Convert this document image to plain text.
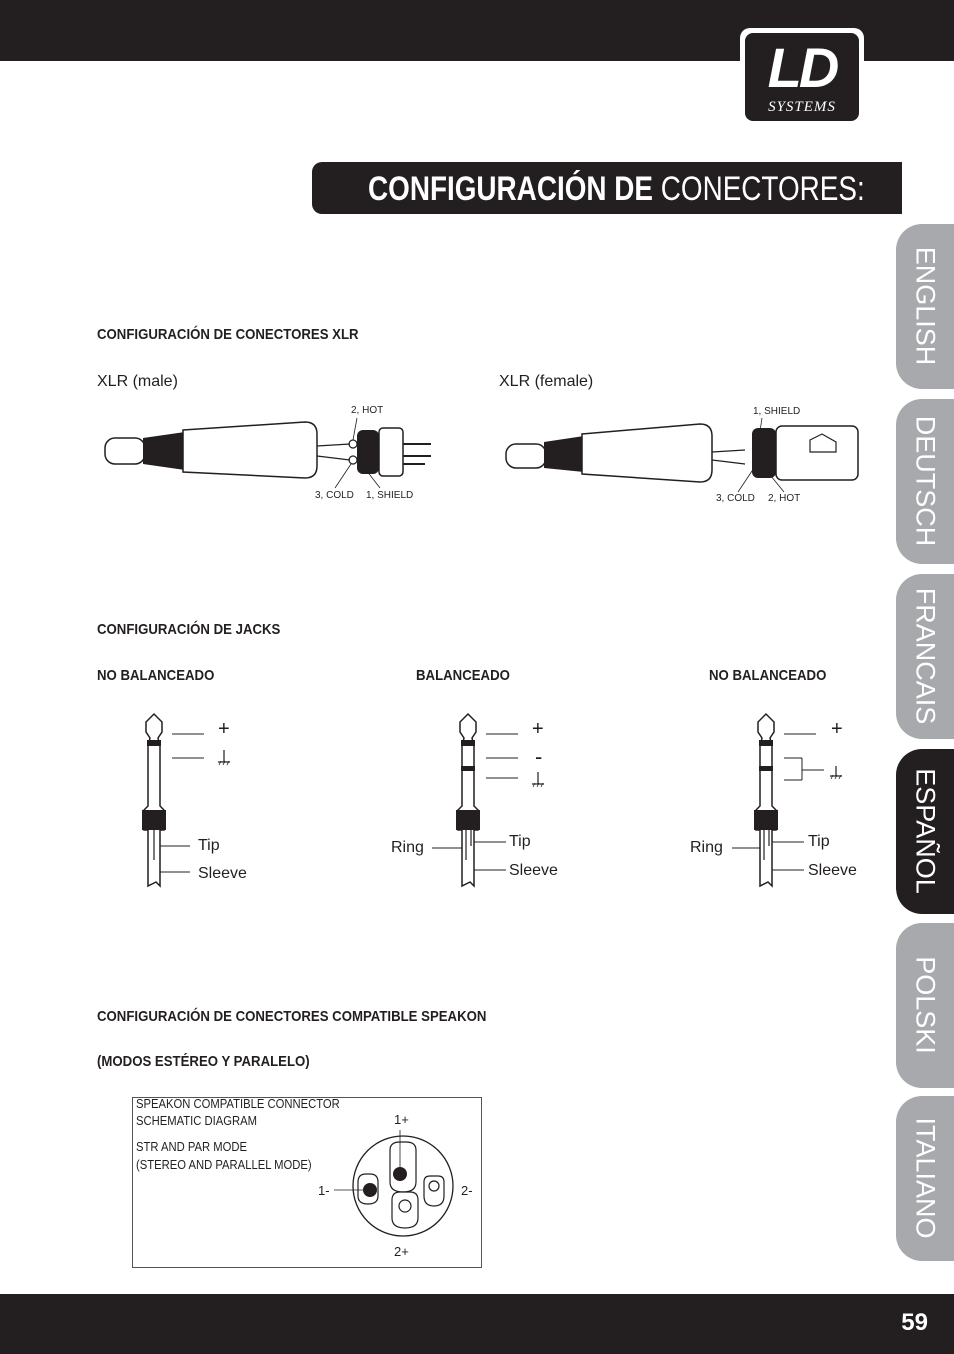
59
LD
SYSTEMS
CONFIGURACIÓN DE CONECTORES:
ENGLISH
DEUTSCH
FRANCAIS
ESPAÑOL
POLSKI
ITALIANO
CONFIGURACIÓN DE CONECTORES XLR
XLR (male)	XLR (female)
2, HOT
3, COLD 1, SHIELD
1, SHIELD
3, COLD 2, HOT
CONFIGURACIÓN DE JACKS
NO BALANCEADO	BALANCEADO	NO BALANCEADO
+
Tip
Sleeve
+
-
Ring	Tip
Sleeve
+
Ring	Tip
Sleeve
CONFIGURACIÓN DE CONECTORES COMPATIBLE SPEAKON
(MODOS ESTÉREO Y PARALELO)
SPEAKON COMPATIBLE CONNECTOR
SCHEMATIC DIAGRAM
STR AND PAR MODE
(STEREO AND PARALLEL MODE)
1+
1-	2-
2+
